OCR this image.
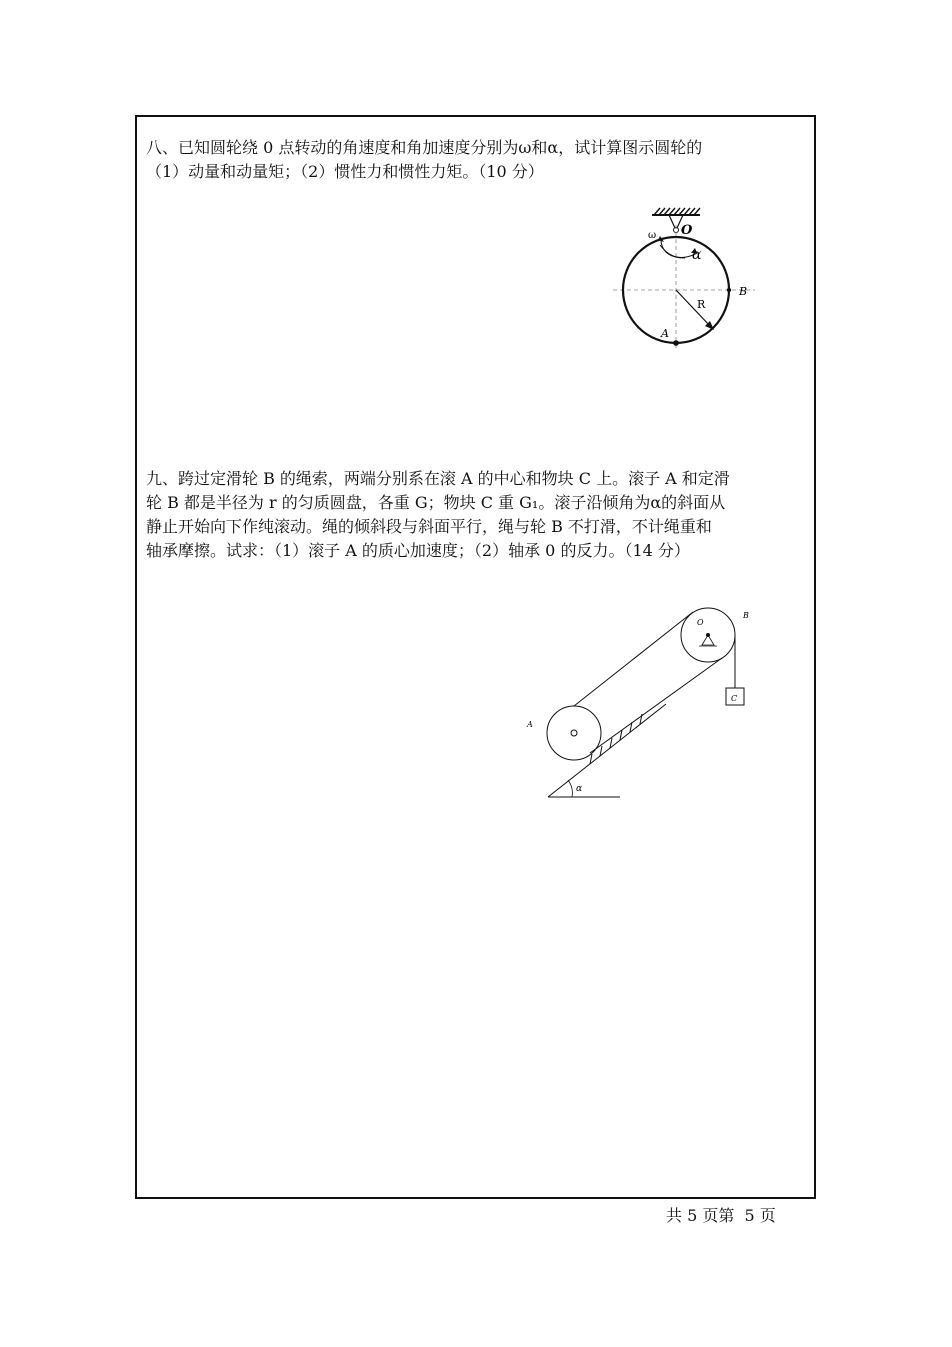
八、已知圆轮绕 0 点转动的角速度和角加速度分别为ω和α，试计算图示圆轮的
（1）动量和动量矩；（2）惯性力和惯性力矩。（10 分）
O
ω
α
B
R
A
九、跨过定滑轮 B 的绳索，两端分别系在滚 A 的中心和物块 C 上。滚子 A 和定滑
轮 B 都是半径为 r 的匀质圆盘，各重 G；物块 C 重 G₁。滚子沿倾角为α的斜面从
静止开始向下作纯滚动。绳的倾斜段与斜面平行，绳与轮 B 不打滑，不计绳重和
轴承摩擦。试求：（1）滚子 A 的质心加速度；（2）轴承 0 的反力。（14 分）
O
B
C
A
α
共 5 页第  5 页
